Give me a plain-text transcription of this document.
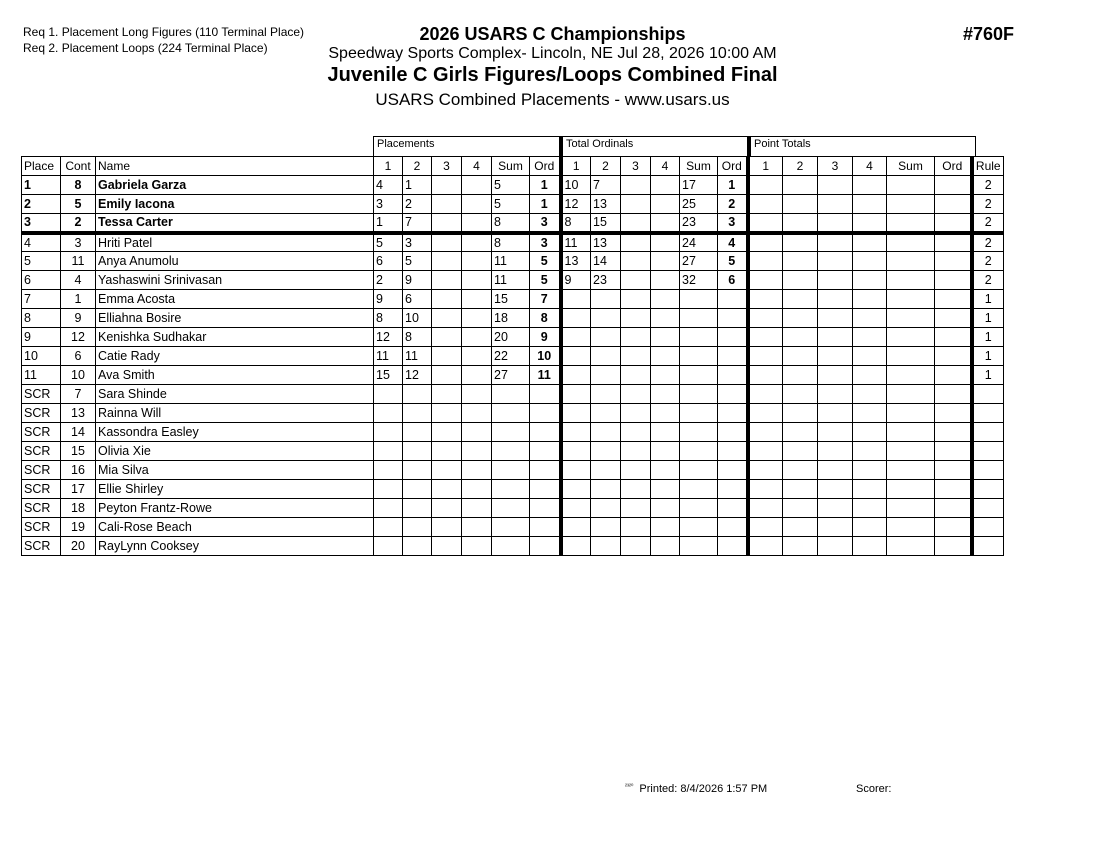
Req 1. Placement Long Figures (110 Terminal Place)
Req 2. Placement Loops (224 Terminal Place)
2026 USARS C Championships
Speedway Sports Complex- Lincoln, NE Jul 28, 2026 10:00 AM
Juvenile C Girls Figures/Loops Combined Final
USARS Combined Placements - www.usars.us
#760F
Placements	Total Ordinals	Point Totals
Place	Cont	Name	1	2	3	4	Sum	Ord	1	2	3	4	Sum	Ord	1	2	3	4	Sum	Ord	Rule
1	8	Gabriela Garza	4	1			5	1	10	7			17	1							2
2	5	Emily Iacona	3	2			5	1	12	13			25	2							2
3	2	Tessa Carter	1	7			8	3	8	15			23	3							2
4	3	Hriti Patel	5	3			8	3	11	13			24	4							2
5	11	Anya Anumolu	6	5			11	5	13	14			27	5							2
6	4	Yashaswini Srinivasan	2	9			11	5	9	23			32	6							2
7	1	Emma Acosta	9	6			15	7													1
8	9	Elliahna Bosire	8	10			18	8													1
9	12	Kenishka Sudhakar	12	8			20	9													1
10	6	Catie Rady	11	11			22	10													1
11	10	Ava Smith	15	12			27	11													1
SCR	7	Sara Shinde																			
SCR	13	Rainna Will																			
SCR	14	Kassondra Easley																			
SCR	15	Olivia Xie																			
SCR	16	Mia Silva																			
SCR	17	Ellie Shirley																			
SCR	18	Peyton Frantz-Rowe																			
SCR	19	Cali-Rose Beach																			
SCR	20	RayLynn Cooksey																			
$^{^{2320}}$ Printed: 8/4/2026 1:57 PM	Scorer:
